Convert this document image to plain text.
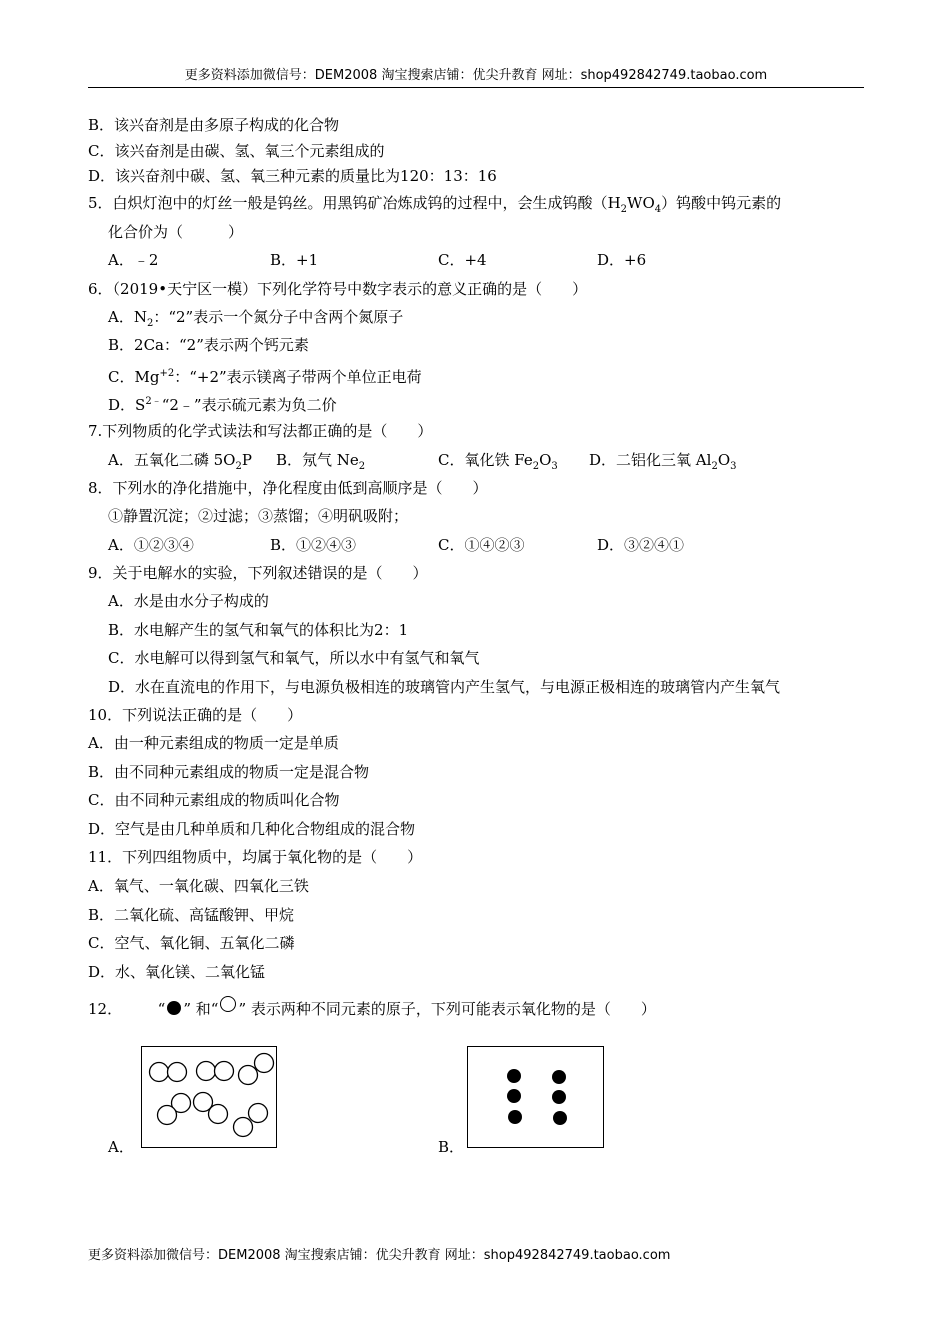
更多资料添加微信号：DEM2008 淘宝搜索店铺：优尖升教育 网址：shop492842749.taobao.com
B．该兴奋剂是由多原子构成的化合物
C．该兴奋剂是由碳、氢、氧三个元素组成的
D．该兴奋剂中碳、氢、氧三种元素的质量比为120：13：16
5．白炽灯泡中的灯丝一般是钨丝。用黑钨矿冶炼成钨的过程中，会生成钨酸$(H_2WO_4)$钨酸中钨元素的
化合价为（　　　）
A．﹣2	B．+1	C．+4	D．+6
6．（2019•天宁区一模）下列化学符号中数字表示的意义正确的是（　　）
A．$N_2$：“2”表示一个氮分子中含两个氮原子
B．2Ca：“2”表示两个钙元素
C．$Mg^{+2}$：“+2”表示镁离子带两个单位正电荷
D．$S^{2﹣}“2﹣$”表示硫元素为负二价
7.下列物质的化学式读法和写法都正确的是（　　）
A．五氧化二磷 $5O_2P$ B．氖气 $Ne_2$	C．氧化铁 $Fe_2O_3$ D．二铝化三氧 $Al_2O_3$
8．下列水的净化措施中，净化程度由低到高顺序是（　　）
①静置沉淀；②过滤；③蒸馏；④明矾吸附；
A．①②③④	B．①②④③	C．①④②③	D．③②④①
9．关于电解水的实验，下列叙述错误的是（　　）
A．水是由水分子构成的
B．水电解产生的氢气和氧气的体积比为2：1
C．水电解可以得到氢气和氧气，所以水中有氢气和氧气
D．水在直流电的作用下，与电源负极相连的玻璃管内产生氢气，与电源正极相连的玻璃管内产生氧气
10．下列说法正确的是（　　）
A．由一种元素组成的物质一定是单质
B．由不同种元素组成的物质一定是混合物
C．由不同种元素组成的物质叫化合物
D．空气是由几种单质和几种化合物组成的混合物
11．下列四组物质中，均属于氧化物的是（　　）
A．氧气、一氧化碳、四氧化三铁
B．二氧化硫、高锰酸钾、甲烷
C．空气、氧化铜、五氧化二磷
D．水、氧化镁、二氧化锰
12． “ ” 和“ ” 表示两种不同元素的原子，下列可能表示氧化物的是（　　）
A．	B．
更多资料添加微信号：DEM2008 淘宝搜索店铺：优尖升教育 网址：shop492842749.taobao.com
